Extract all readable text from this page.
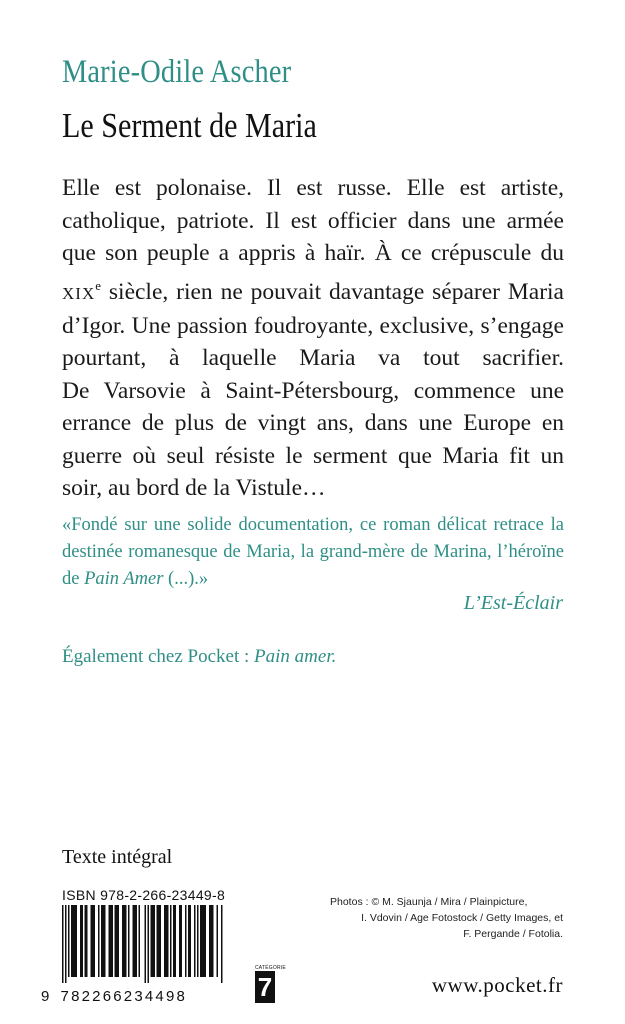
Marie-Odile Ascher
Le Serment de Maria

Elle est polonaise. Il est russe. Elle est artiste, catholique, patriote. Il est officier dans une armée que son peuple a appris à haïr. À ce crépuscule du XIXe siècle, rien ne pouvait davantage séparer Maria d’Igor. Une passion foudroyante, exclusive, s’engage pourtant, à laquelle Maria va tout sacrifier.

De Varsovie à Saint-Pétersbourg, commence une errance de plus de vingt ans, dans une Europe en guerre où seul résiste le serment que Maria fit un soir, au bord de la Vistule…

«Fondé sur une solide documentation, ce roman délicat retrace la destinée romanesque de Maria, la grand-mère de Marina, l’héroïne de Pain Amer (...).»

L’Est-Éclair
Également chez Pocket : Pain amer.
Texte intégral
ISBN 978-2-266-23449-8
9 782266234498
CATÉGORIE
7
Photos : © M. Sjaunja / Mira / Plainpicture,
I. Vdovin / Age Fotostock / Getty Images, et
F. Pergande / Fotolia.
www.pocket.fr
